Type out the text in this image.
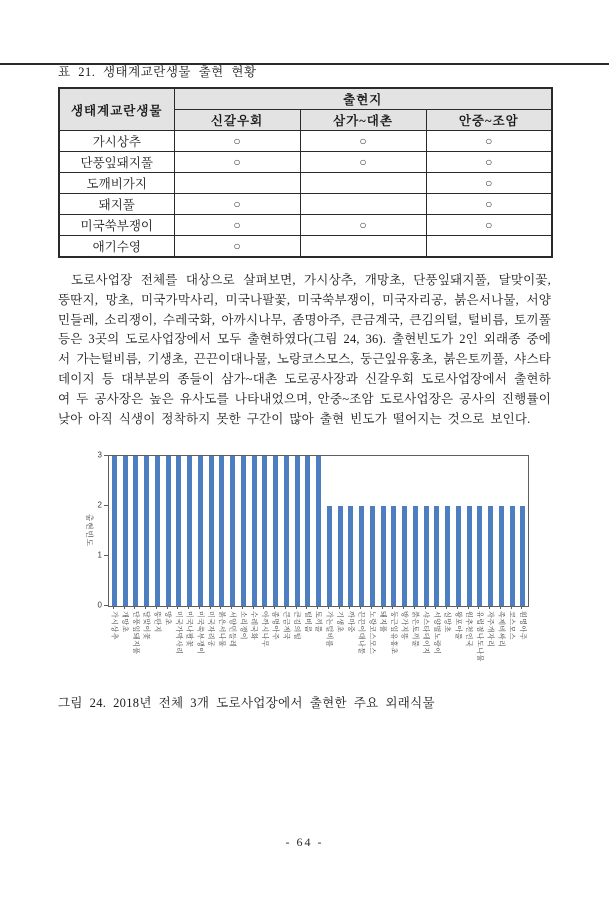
표 21. 생태계교란생물 출현 현황
생태계교란생물	출현지		
	신갈우회	삼가~대촌	안중~조암
가시상추	○	○	○
단풍잎돼지풀	○	○	○
도깨비가지			○
돼지풀	○		○
미국쑥부쟁이	○	○	○
애기수영	○		

도로사업장 전체를 대상으로 살펴보면, 가시상추, 개망초, 단풍잎돼지풀, 달맞이꽃, 뚱딴지, 망초, 미국가막사리, 미국나팔꽃, 미국쑥부쟁이, 미국자리공, 붉은서나물, 서양민들레, 소리쟁이, 수레국화, 아까시나무, 좀명아주, 큰금계국, 큰김의털, 털비름, 토끼풀 등은 3곳의 도로사업장에서 모두 출현하였다(그림 24, 36). 출현빈도가 2인 외래종 중에서 가는털비름, 기생초, 끈끈이대나물, 노랑코스모스, 둥근잎유홍초, 붉은토끼풀, 샤스타데이지 등 대부분의 종들이 삼가~대촌 도로공사장과 신갈우회 도로사업장에서 출현하여 두 공사장은 높은 유사도를 나타내었으며, 안중~조암 도로사업장은 공사의 진행률이 낮아 아직 식생이 정착하지 못한 구간이 많아 출현 빈도가 떨어지는 것으로 보인다.

출현빈도
0
1
2
3
가시상추 개망초 단풍잎돼지풀 달맞이꽃 뚱딴지 망초 미국가막사리 미국나팔꽃 미국쑥부쟁이 미국자리공 붉은서나물 서양민들레 소리쟁이 수레국화 아까시나무 좀명아주 큰금계국 큰김의털 털비름 토끼풀 가는털비름 기생초 까마중 끈끈이대나물 노랑코스모스 돼지풀 둥근잎유홍초 방가지똥 붉은토끼풀 샤스타데이지 서양벌노랑이 실망초 왕포아풀 원추천인국 유럽점나도나물 자주개자리 족제비싸리 코스모스 흰명아주
그림 24. 2018년 전체 3개 도로사업장에서 출현한 주요 외래식물
- 64 -
